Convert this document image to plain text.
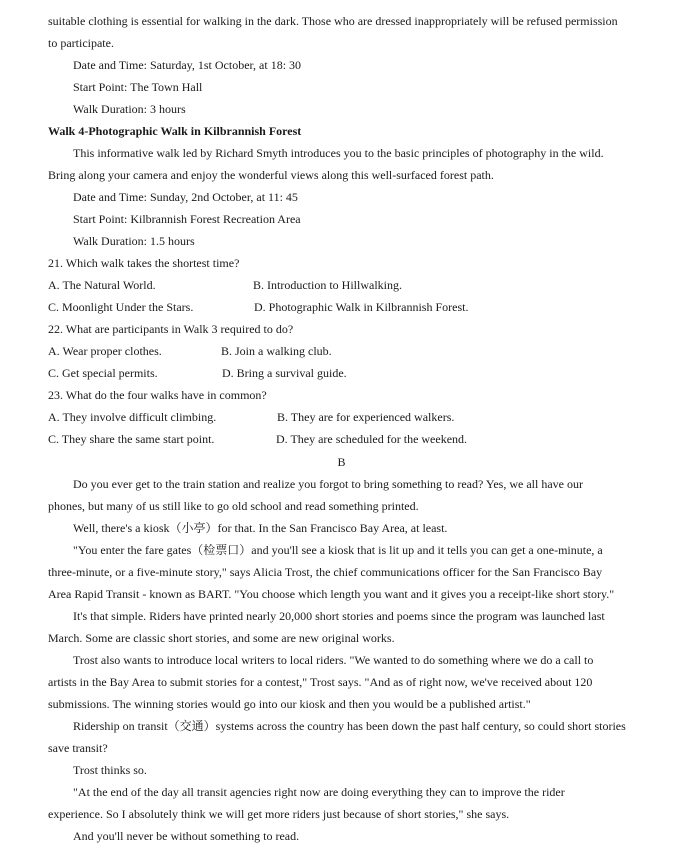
suitable clothing is essential for walking in the dark. Those who are dressed inappropriately will be refused permission
to participate.
Date and Time: Saturday, 1st October, at 18: 30
Start Point: The Town Hall
Walk Duration: 3 hours
Walk 4-Photographic Walk in Kilbrannish Forest
This informative walk led by Richard Smyth introduces you to the basic principles of photography in the wild.
Bring along your camera and enjoy the wonderful views along this well-surfaced forest path.
Date and Time: Sunday, 2nd October, at 11: 45
Start Point: Kilbrannish Forest Recreation Area
Walk Duration: 1.5 hours
21. Which walk takes the shortest time?
A. The Natural World.	B. Introduction to Hillwalking.
C. Moonlight Under the Stars.	D. Photographic Walk in Kilbrannish Forest.
22. What are participants in Walk 3 required to do?
A. Wear proper clothes.	B. Join a walking club.
C. Get special permits.	D. Bring a survival guide.
23. What do the four walks have in common?
A. They involve difficult climbing.	B. They are for experienced walkers.
C. They share the same start point.	D. They are scheduled for the weekend.
B
Do you ever get to the train station and realize you forgot to bring something to read? Yes, we all have our
phones, but many of us still like to go old school and read something printed.
Well, there's a kiosk（小亭）for that. In the San Francisco Bay Area, at least.
"You enter the fare gates（检票口）and you'll see a kiosk that is lit up and it tells you can get a one-minute, a
three-minute, or a five-minute story," says Alicia Trost, the chief communications officer for the San Francisco Bay
Area Rapid Transit - known as BART. "You choose which length you want and it gives you a receipt-like short story."
It's that simple. Riders have printed nearly 20,000 short stories and poems since the program was launched last
March. Some are classic short stories, and some are new original works.
Trost also wants to introduce local writers to local riders. "We wanted to do something where we do a call to
artists in the Bay Area to submit stories for a contest," Trost says. "And as of right now, we've received about 120
submissions. The winning stories would go into our kiosk and then you would be a published artist."
Ridership on transit（交通）systems across the country has been down the past half century, so could short stories
save transit?
Trost thinks so.
"At the end of the day all transit agencies right now are doing everything they can to improve the rider
experience. So I absolutely think we will get more riders just because of short stories," she says.
And you'll never be without something to read.
